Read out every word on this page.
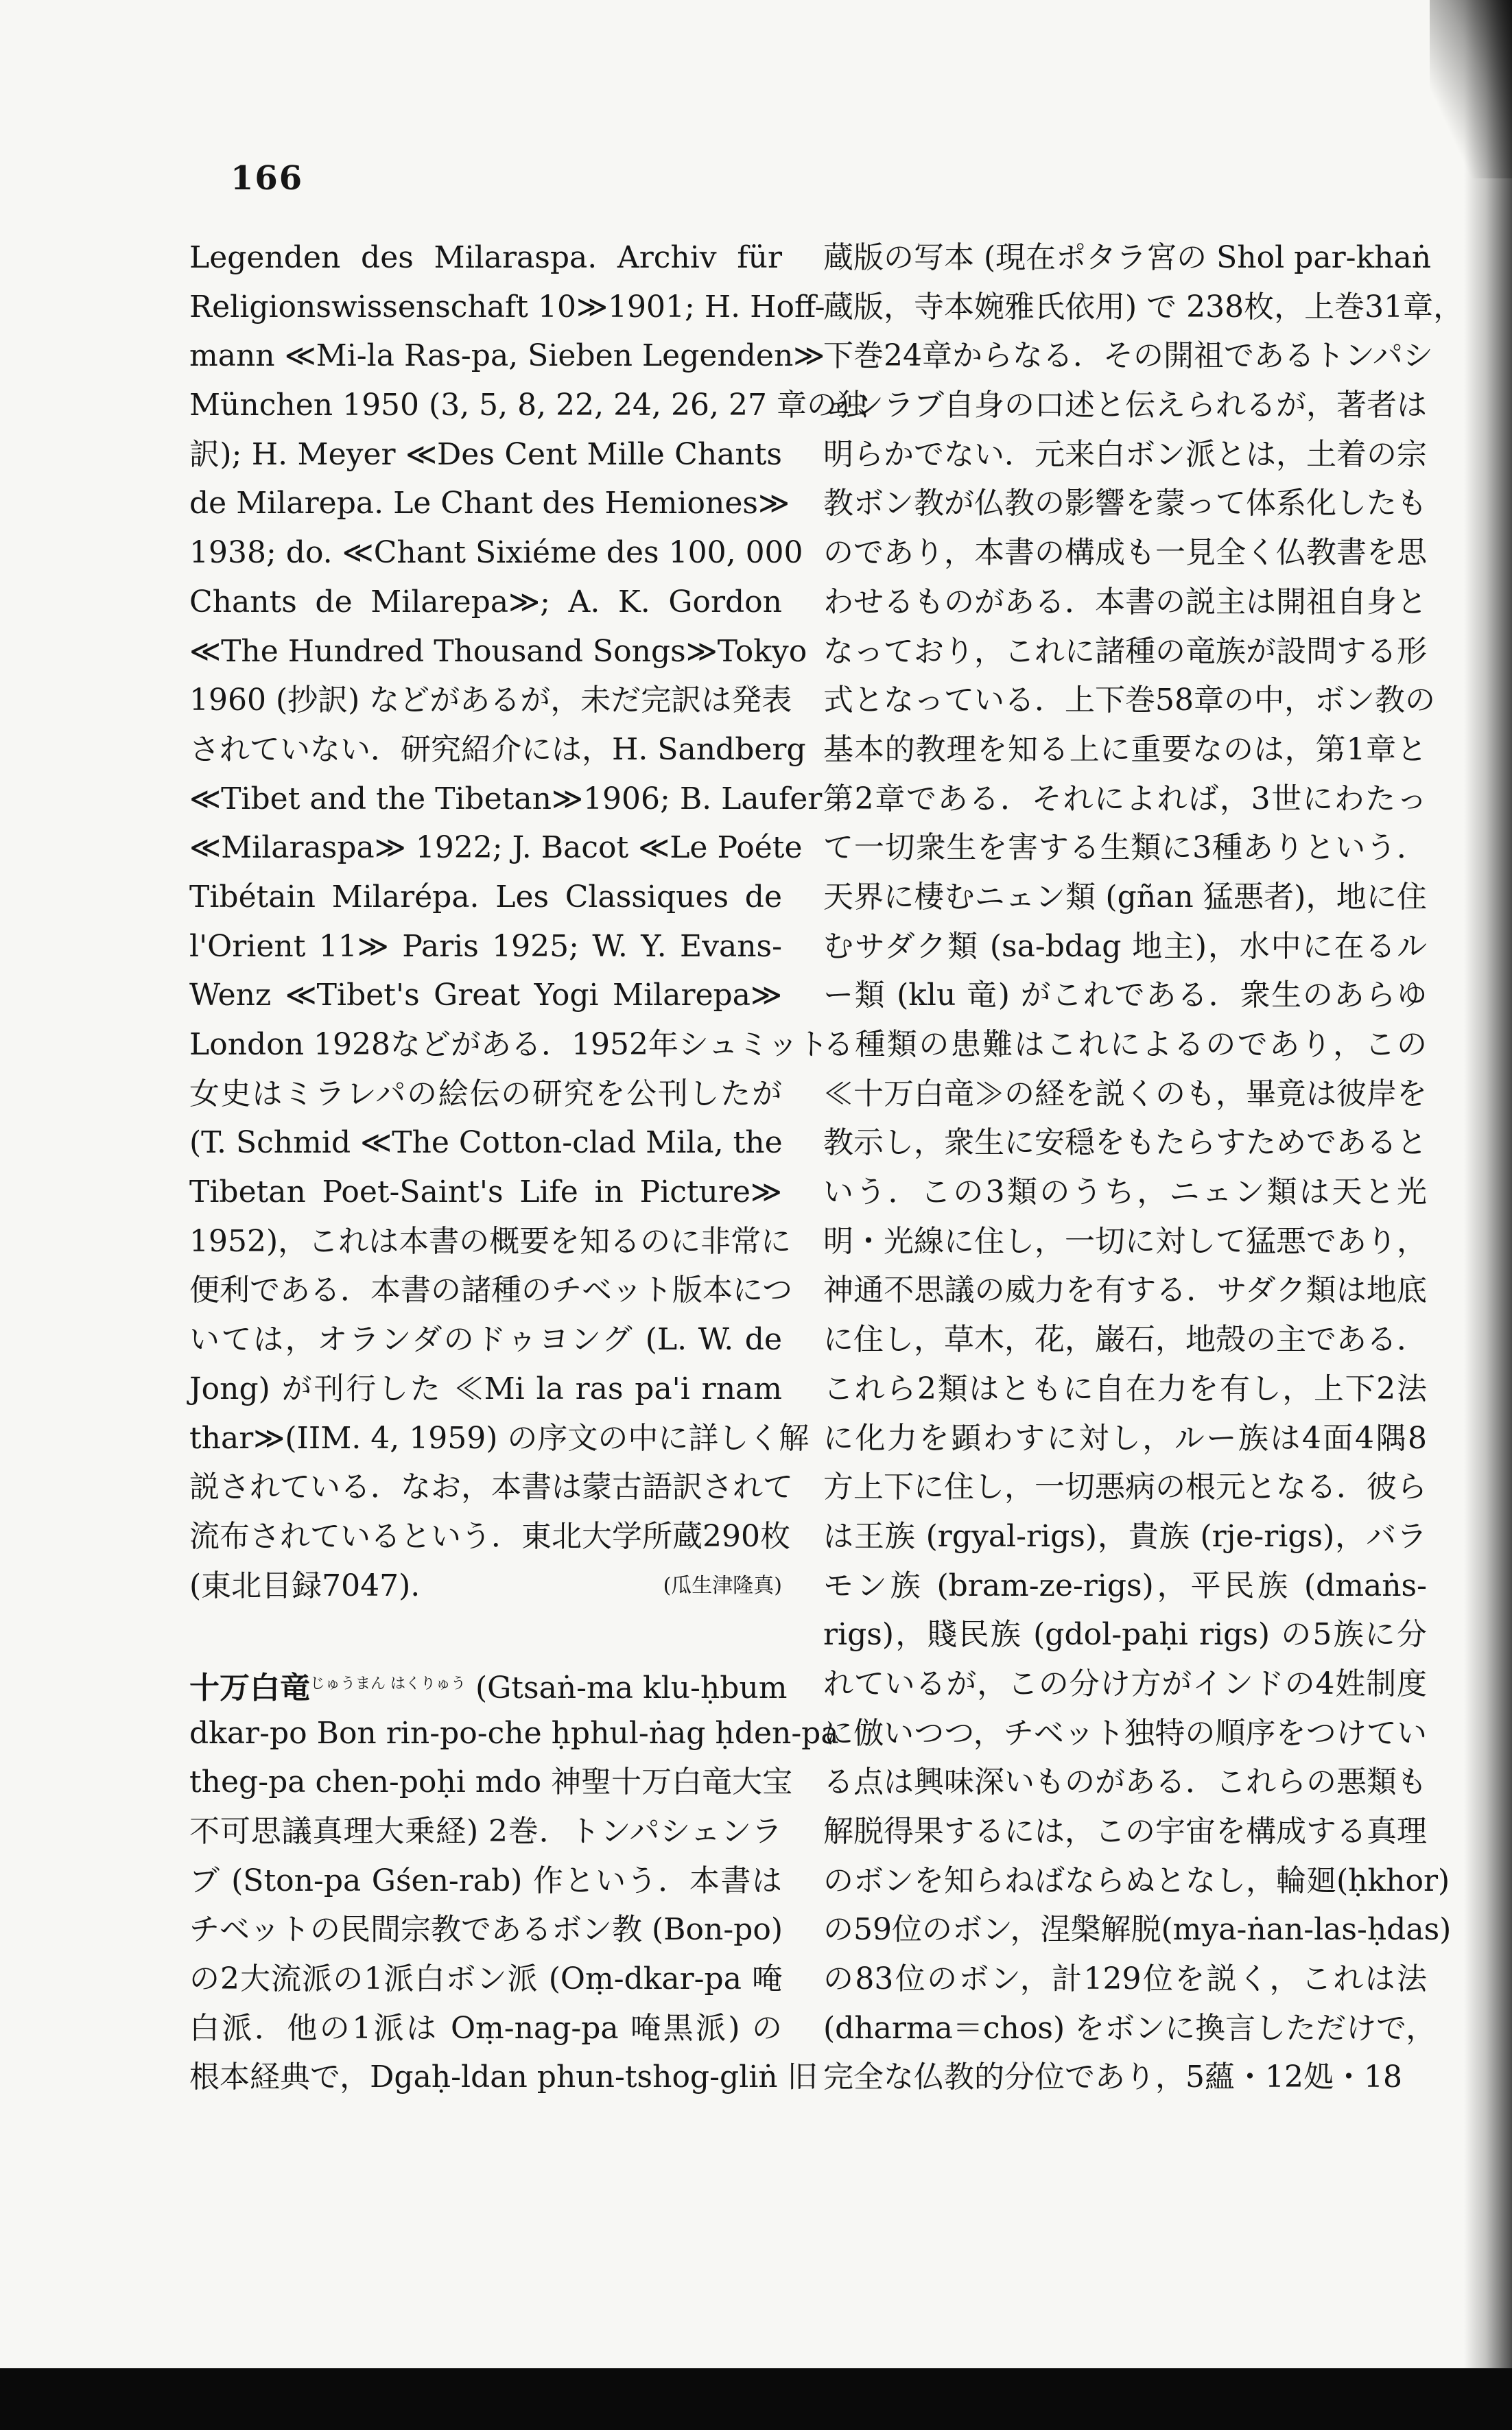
166
Legenden des Milaraspa. Archiv für
Religionswissenschaft 10≫1901; H. Hoff-
mann ≪Mi-la Ras-pa, Sieben Legenden≫
München 1950 (3, 5, 8, 22, 24, 26, 27 章の独
訳); H. Meyer ≪Des Cent Mille Chants
de Milarepa. Le Chant des Hemiones≫
1938; do. ≪Chant Sixiéme des 100, 000
Chants de Milarepa≫; A. K. Gordon
≪The Hundred Thousand Songs≫Tokyo
1960 (抄訳) などがあるが，未だ完訳は発表
されていない．研究紹介には，H. Sandberg
≪Tibet and the Tibetan≫1906; B. Laufer
≪Milaraspa≫ 1922; J. Bacot ≪Le Poéte
Tibétain Milarépa. Les Classiques de
l'Orient 11≫ Paris 1925; W. Y. Evans-
Wenz ≪Tibet's Great Yogi Milarepa≫
London 1928などがある．1952年シュミット
女史はミラレパの絵伝の研究を公刊したが
(T. Schmid ≪The Cotton-clad Mila, the
Tibetan Poet-Saint's Life in Picture≫
1952)，これは本書の概要を知るのに非常に
便利である．本書の諸種のチベット版本につ
いては，オランダのドゥヨング (L. W. de
Jong) が刊行した ≪Mi la ras pa'i rnam
thar≫(IIM. 4, 1959) の序文の中に詳しく解
説されている．なお，本書は蒙古語訳されて
流布されているという．東北大学所蔵290枚
(東北目録7047).	(瓜生津隆真)
十万白竜$^{じゅうまん はくりゅう}$ (Gtsaṅ-ma klu-ḥbum
dkar-po Bon rin-po-che ḥphul-ṅag ḥden-pa
theg-pa chen-poḥi mdo 神聖十万白竜大宝
不可思議真理大乗経) 2巻．トンパシェンラ
ブ (Ston-pa Gśen-rab) 作という．本書は
チベットの民間宗教であるボン教 (Bon-po)
の2大流派の1派白ボン派 (Oṃ-dkar-pa 唵
白派．他の1派は Oṃ-nag-pa 唵黒派) の
根本経典で，Dgaḥ-ldan phun-tshog-gliṅ 旧
蔵版の写本 (現在ポタラ宮の Shol par-khaṅ
蔵版，寺本婉雅氏依用) で 238枚，上巻31章，
下巻24章からなる．その開祖であるトンパシ
ェンラブ自身の口述と伝えられるが，著者は
明らかでない．元来白ボン派とは，土着の宗
教ボン教が仏教の影響を蒙って体系化したも
のであり，本書の構成も一見全く仏教書を思
わせるものがある．本書の説主は開祖自身と
なっており，これに諸種の竜族が設問する形
式となっている．上下巻58章の中，ボン教の
基本的教理を知る上に重要なのは，第1章と
第2章である．それによれば，3世にわたっ
て一切衆生を害する生類に3種ありという．
天界に棲むニェン類 (gñan 猛悪者)，地に住
むサダク類 (sa-bdag 地主)，水中に在るル
ー類 (klu 竜) がこれである．衆生のあらゆ
る種類の患難はこれによるのであり，この
≪十万白竜≫の経を説くのも，畢竟は彼岸を
教示し，衆生に安穏をもたらすためであると
いう．この3類のうち，ニェン類は天と光
明・光線に住し，一切に対して猛悪であり，
神通不思議の威力を有する．サダク類は地底
に住し，草木，花，巌石，地殻の主である．
これら2類はともに自在力を有し，上下2法
に化力を顕わすに対し，ルー族は4面4隅8
方上下に住し，一切悪病の根元となる．彼ら
は王族 (rgyal-rigs)，貴族 (rje-rigs)，バラ
モン族 (bram-ze-rigs)，平民族 (dmaṅs-
rigs)，賤民族 (gdol-paḥi rigs) の5族に分
れているが，この分け方がインドの4姓制度
に倣いつつ，チベット独特の順序をつけてい
る点は興味深いものがある．これらの悪類も
解脱得果するには，この宇宙を構成する真理
のボンを知らねばならぬとなし，輪廻(ḥkhor)
の59位のボン，涅槃解脱(mya-ṅan-las-ḥdas)
の83位のボン，計129位を説く，これは法
(dharma＝chos) をボンに換言しただけで，
完全な仏教的分位であり，5蘊・12処・18
